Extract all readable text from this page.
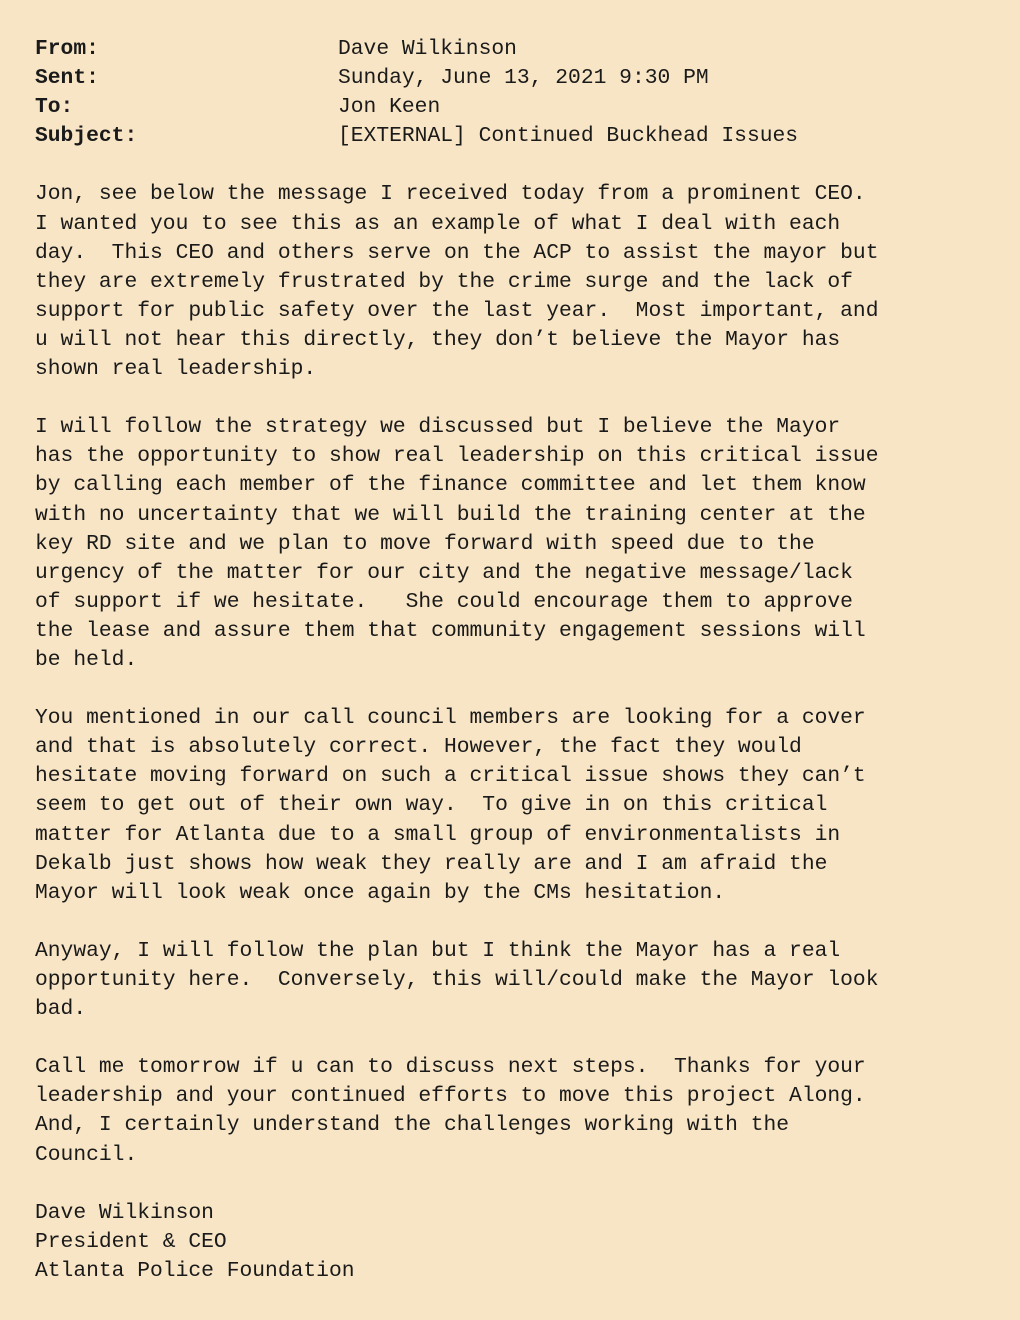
From:	Dave Wilkinson
Sent:	Sunday, June 13, 2021 9:30 PM
To:	Jon Keen
Subject:	[EXTERNAL] Continued Buckhead Issues
Jon, see below the message I received today from a prominent CEO.
I wanted you to see this as an example of what I deal with each
day.  This CEO and others serve on the ACP to assist the mayor but
they are extremely frustrated by the crime surge and the lack of
support for public safety over the last year.  Most important, and
u will not hear this directly, they don’t believe the Mayor has
shown real leadership.
I will follow the strategy we discussed but I believe the Mayor
has the opportunity to show real leadership on this critical issue
by calling each member of the finance committee and let them know
with no uncertainty that we will build the training center at the
key RD site and we plan to move forward with speed due to the
urgency of the matter for our city and the negative message/lack
of support if we hesitate.   She could encourage them to approve
the lease and assure them that community engagement sessions will
be held.
You mentioned in our call council members are looking for a cover
and that is absolutely correct. However, the fact they would
hesitate moving forward on such a critical issue shows they can’t
seem to get out of their own way.  To give in on this critical
matter for Atlanta due to a small group of environmentalists in
Dekalb just shows how weak they really are and I am afraid the
Mayor will look weak once again by the CMs hesitation.
Anyway, I will follow the plan but I think the Mayor has a real
opportunity here.  Conversely, this will/could make the Mayor look
bad.
Call me tomorrow if u can to discuss next steps.  Thanks for your
leadership and your continued efforts to move this project Along.
And, I certainly understand the challenges working with the
Council.
Dave Wilkinson
President & CEO
Atlanta Police Foundation
